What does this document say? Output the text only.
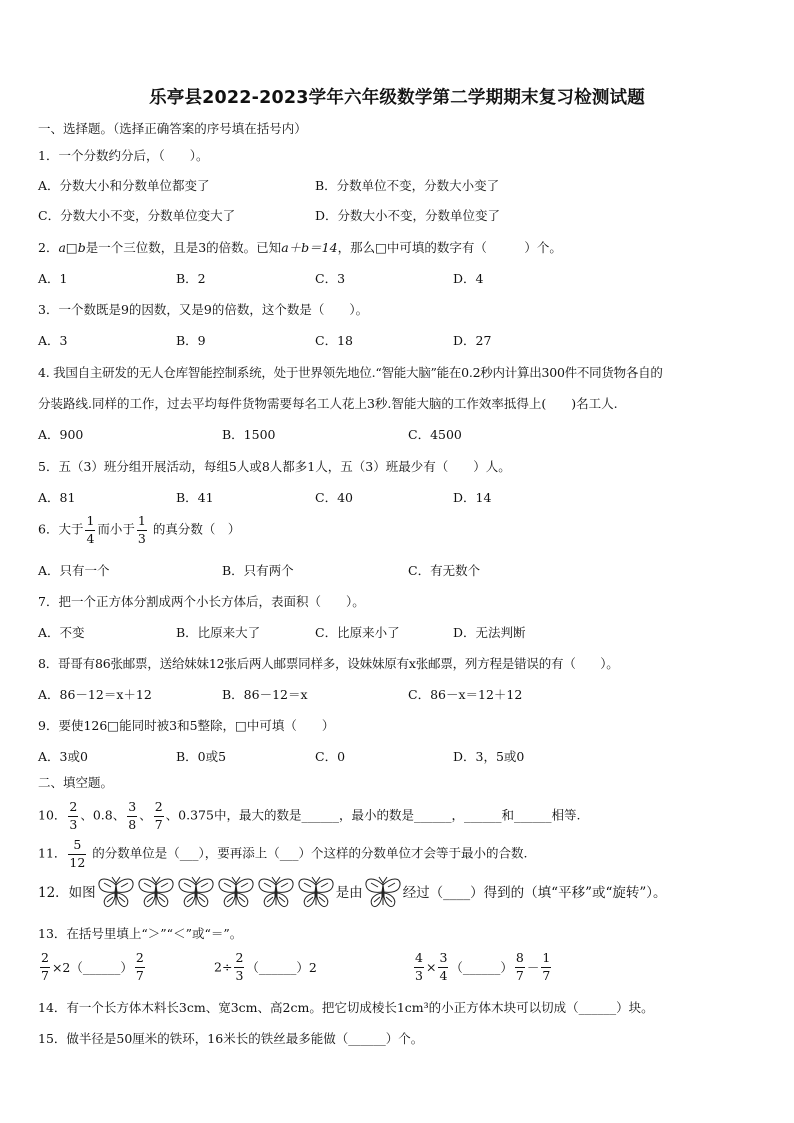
乐亭县2022-2023学年六年级数学第二学期期末复习检测试题
一、选择题。（选择正确答案的序号填在括号内）
1．一个分数约分后，（　　）。
A．分数大小和分数单位都变了	B．分数单位不变，分数大小变了
C．分数大小不变，分数单位变大了	D．分数大小不变，分数单位变了
2．a□b是一个三位数，且是3的倍数。已知a＋b＝14，那么□中可填的数字有（　　　）个。
A．1	B．2	C．3	D．4
3．一个数既是9的因数，又是9的倍数，这个数是（　　）。
A．3	B．9	C．18	D．27
4. 我国自主研发的无人仓库智能控制系统，处于世界领先地位.“智能大脑”能在0.2秒内计算出300件不同货物各自的
分装路线.同样的工作，过去平均每件货物需要每名工人花上3秒.智能大脑的工作效率抵得上(　　)名工人.
A．900	B．1500	C．4500
5．五（3）班分组开展活动，每组5人或8人都多1人，五（3）班最少有（　　）人。
A．81	B．41	C．40	D．14
6．大于 $\frac{1}{4}$ 而小于 $\frac{1}{3}$ 的真分数（　）
A．只有一个	B．只有两个	C．有无数个
7．把一个正方体分割成两个小长方体后，表面积（　　）。
A．不变	B．比原来大了	C．比原来小了	D．无法判断
8．哥哥有86张邮票，送给妹妹12张后两人邮票同样多，设妹妹原有x张邮票，列方程是错误的有（　　）。
A．86－12＝x＋12	B．86－12＝x	C．86－x＝12＋12
9．要使126□能同时被3和5整除，□中可填（　　）
A．3或0	B．0或5	C．0	D．3，5或0
二、填空题。
10． $\frac{2}{3}$ 、0.8、 $\frac{3}{8}$ 、 $\frac{2}{7}$ 、0.375中，最大的数是______，最小的数是______，______和______相等.
11． $\frac{5}{12}$ 的分数单位是（___），要再添上（___）个这样的分数单位才会等于最小的合数.
12．如图	是由	经过（____）得到的（填“平移”或“旋转”）。
13．在括号里填上“＞”“＜”或“＝”。
$\frac{2}{7}$ ×2（______） $\frac{2}{7}$	$2\div \frac{2}{3}$ （______）2	$\frac{4}{3} \times \frac{3}{4}$ （______） $\frac{8}{7} - \frac{1}{7}$
14．有一个长方体木料长3cm、宽3cm、高2cm。把它切成棱长1cm³的小正方体木块可以切成（______）块。
15．做半径是50厘米的铁环，16米长的铁丝最多能做（______）个。
